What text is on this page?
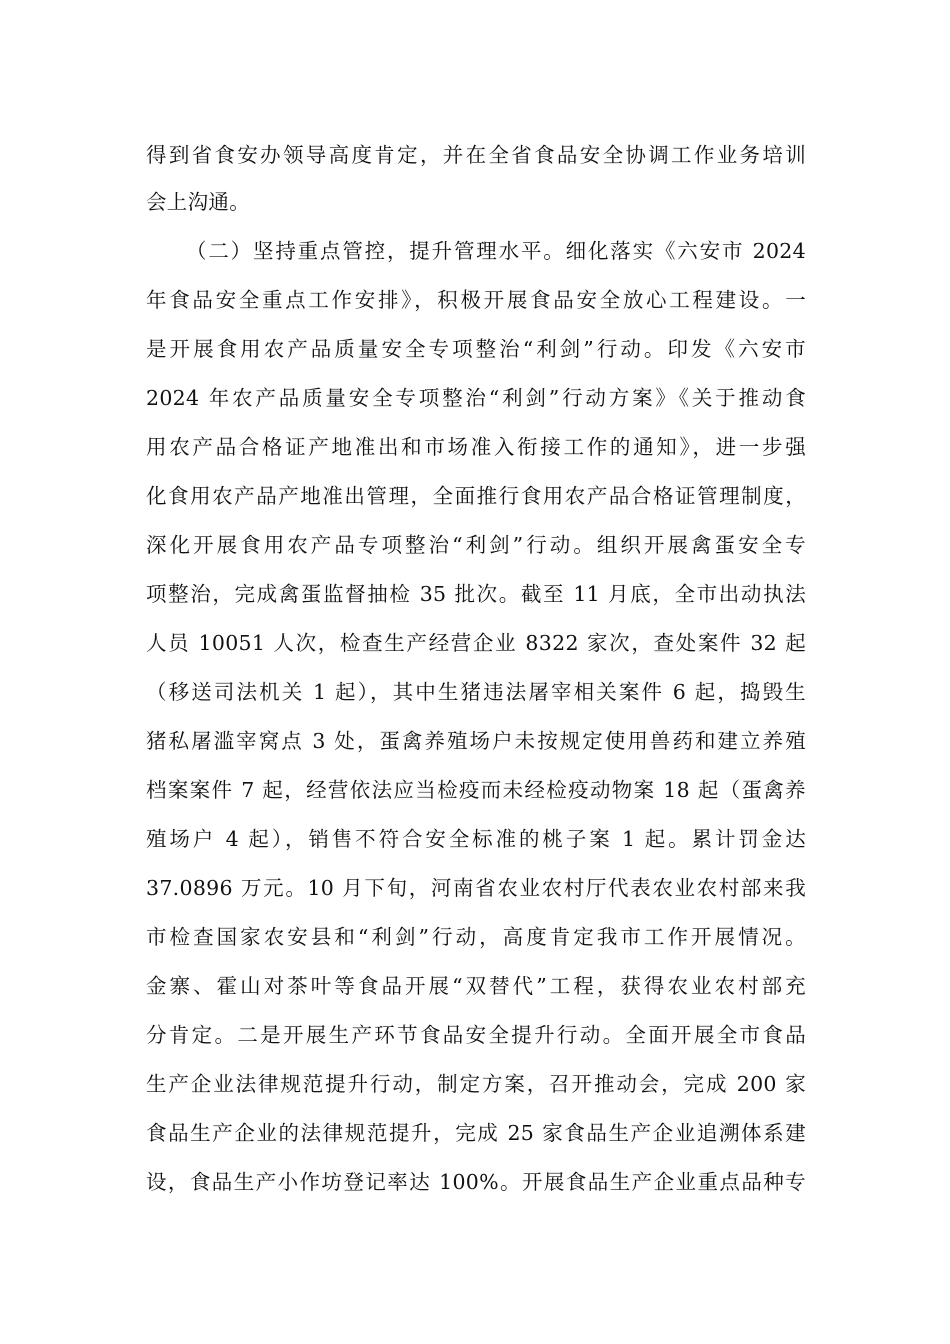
得到省食安办领导高度肯定，并在全省食品安全协调工作业务培训
会上沟通。
（二）坚持重点管控，提升管理水平。细化落实《六安市 2024
年食品安全重点工作安排》，积极开展食品安全放心工程建设。一
是开展食用农产品质量安全专项整治“利剑”行动。印发《六安市
2024 年农产品质量安全专项整治“利剑”行动方案》《关于推动食
用农产品合格证产地准出和市场准入衔接工作的通知》，进一步强
化食用农产品产地准出管理，全面推行食用农产品合格证管理制度，
深化开展食用农产品专项整治“利剑”行动。组织开展禽蛋安全专
项整治，完成禽蛋监督抽检 35 批次。截至 11 月底，全市出动执法
人员 10051 人次，检查生产经营企业 8322 家次，查处案件 32 起
（移送司法机关 1 起），其中生猪违法屠宰相关案件 6 起，捣毁生
猪私屠滥宰窝点 3 处，蛋禽养殖场户未按规定使用兽药和建立养殖
档案案件 7 起，经营依法应当检疫而未经检疫动物案 18 起（蛋禽养
殖场户 4 起），销售不符合安全标准的桃子案 1 起。累计罚金达
37.0896 万元。10 月下旬，河南省农业农村厅代表农业农村部来我
市检查国家农安县和“利剑”行动，高度肯定我市工作开展情况。
金寨、霍山对茶叶等食品开展“双替代”工程，获得农业农村部充
分肯定。二是开展生产环节食品安全提升行动。全面开展全市食品
生产企业法律规范提升行动，制定方案，召开推动会，完成 200 家
食品生产企业的法律规范提升，完成 25 家食品生产企业追溯体系建
设，食品生产小作坊登记率达 100%。开展食品生产企业重点品种专
